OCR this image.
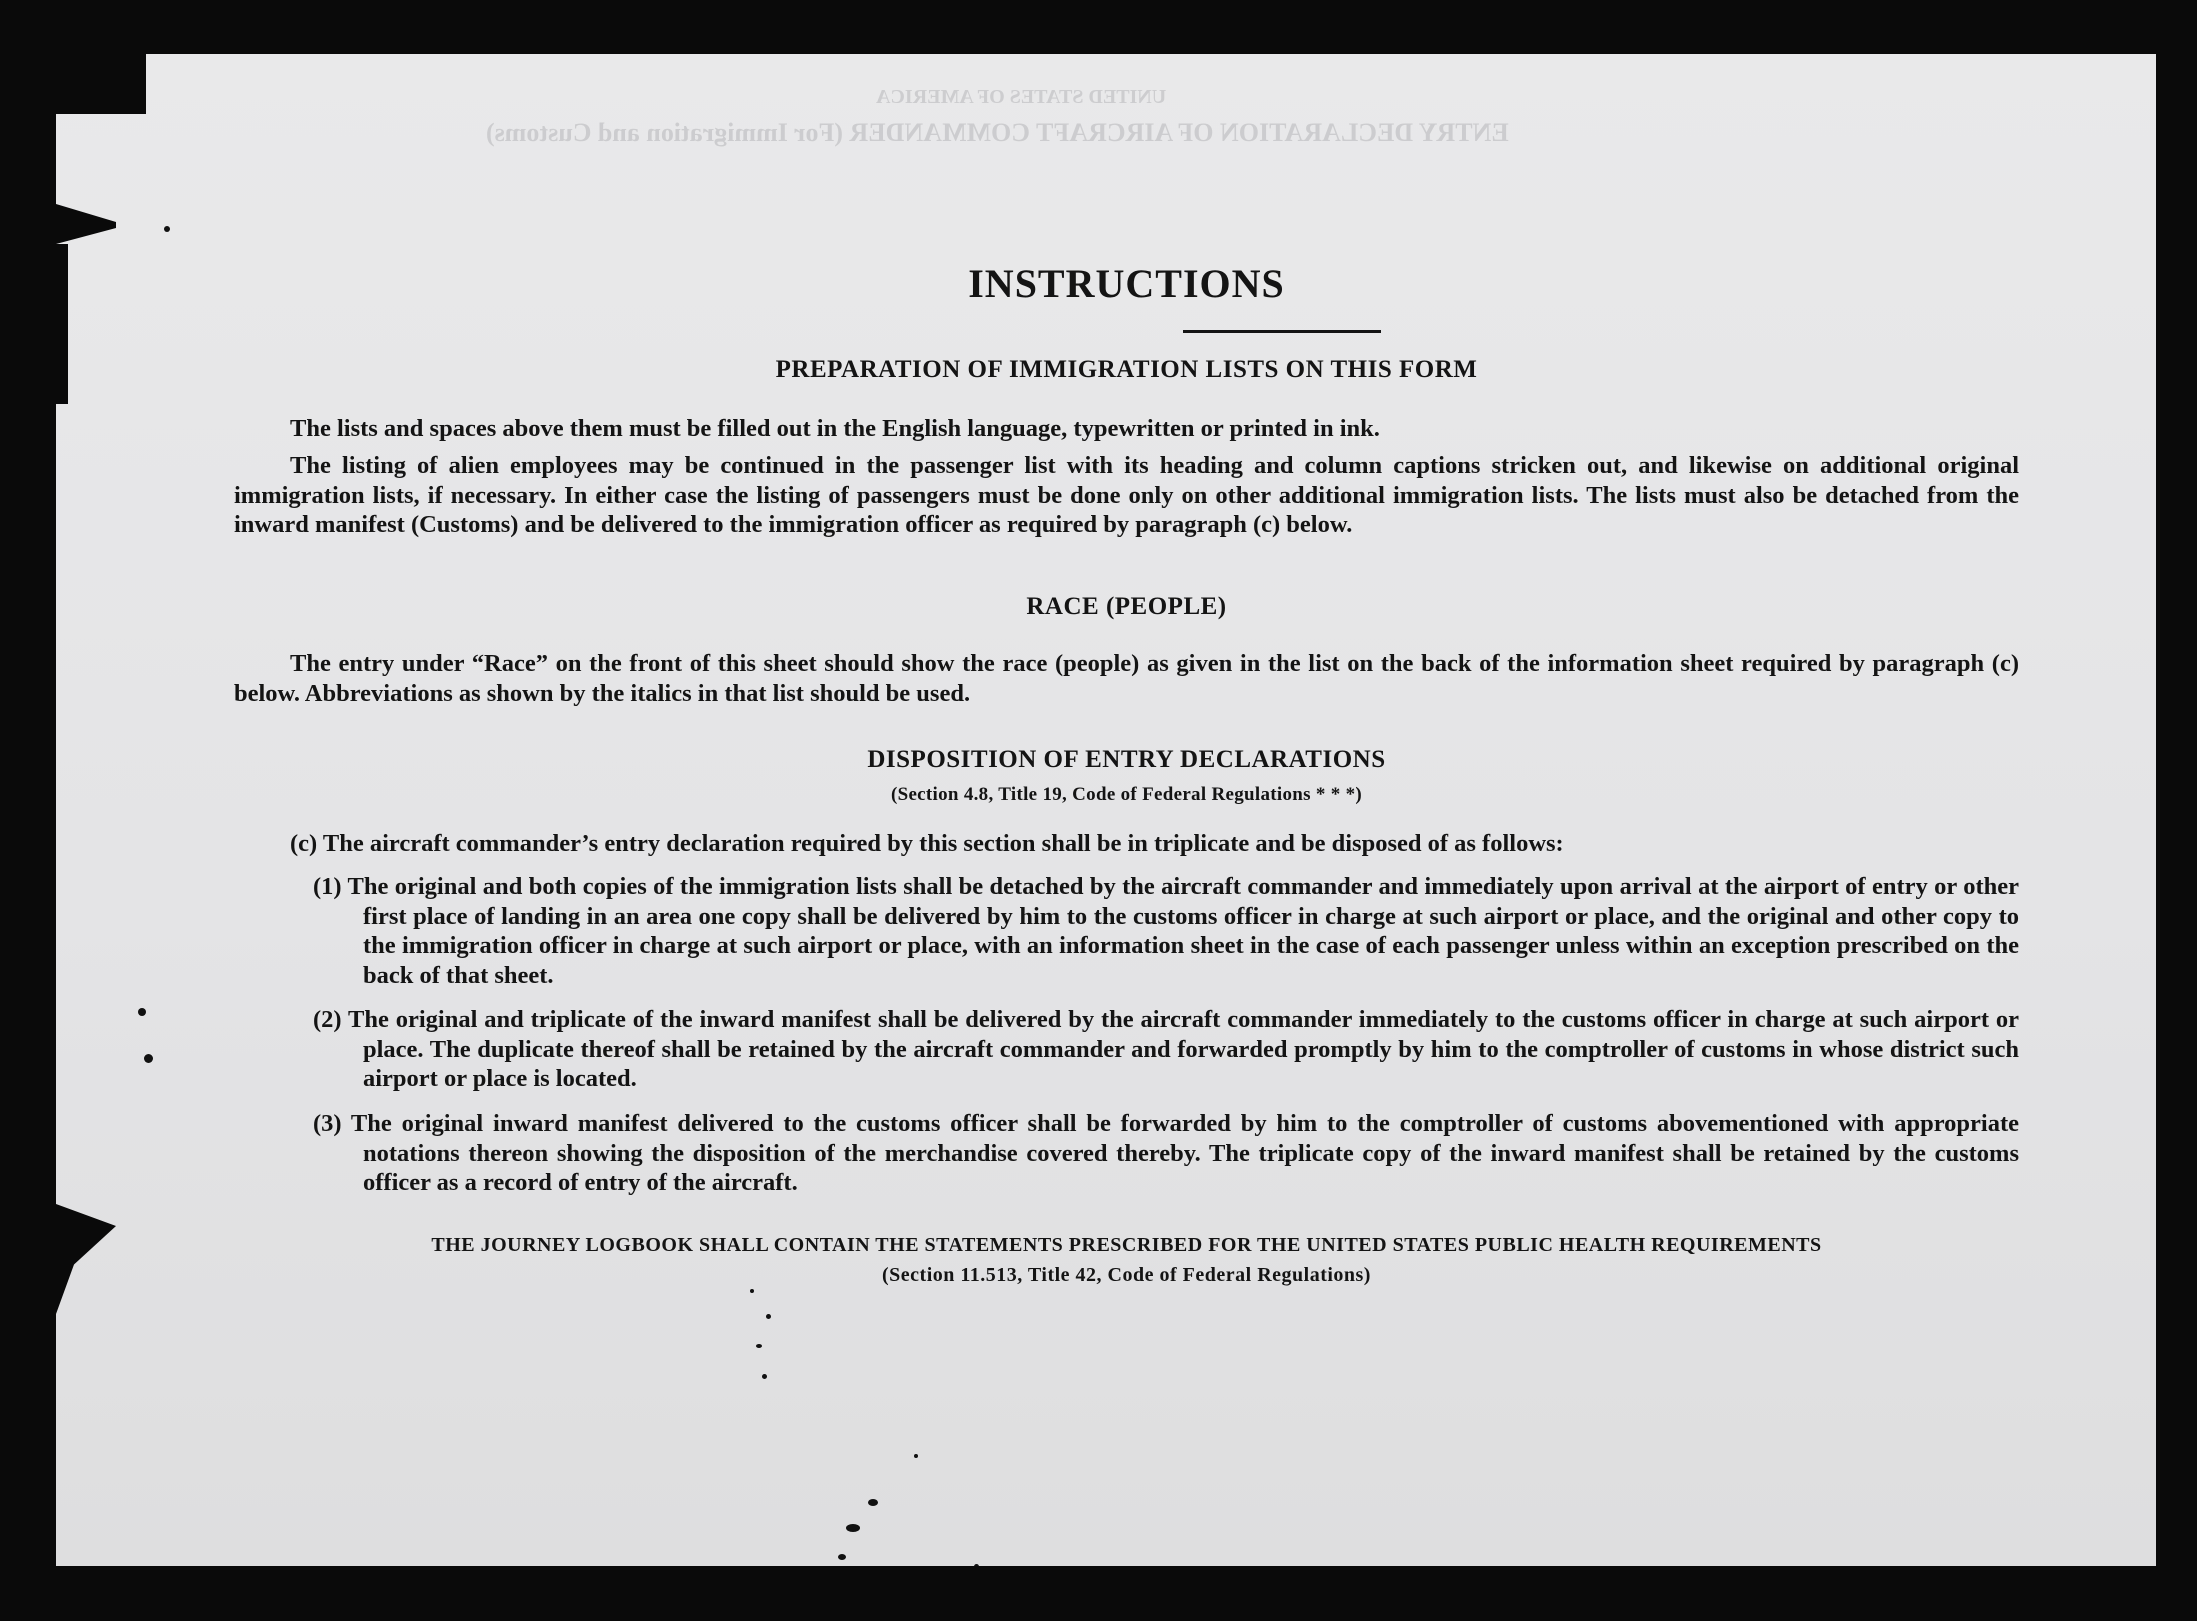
UNITED STATES OF AMERICA
ENTRY DECLARATION OF AIRCRAFT COMMANDER (For Immigration and Customs)
INSTRUCTIONS
PREPARATION OF IMMIGRATION LISTS ON THIS FORM

The lists and spaces above them must be filled out in the English language, typewritten or printed in ink.

The listing of alien employees may be continued in the passenger list with its heading and column captions stricken out, and likewise on additional original immigration lists, if necessary. In either case the listing of passengers must be done only on other additional immigration lists. The lists must also be detached from the inward manifest (Customs) and be delivered to the immigration officer as required by paragraph (c) below.

RACE (PEOPLE)

The entry under “Race” on the front of this sheet should show the race (people) as given in the list on the back of the information sheet required by paragraph (c) below. Abbreviations as shown by the italics in that list should be used.

DISPOSITION OF ENTRY DECLARATIONS
(Section 4.8, Title 19, Code of Federal Regulations * * *)

(c) The aircraft commander’s entry declaration required by this section shall be in triplicate and be disposed of as follows:

(1) The original and both copies of the immigration lists shall be detached by the aircraft commander and immediately upon arrival at the airport of entry or other first place of landing in an area one copy shall be delivered by him to the customs officer in charge at such airport or place, and the original and other copy to the immigration officer in charge at such airport or place, with an information sheet in the case of each passenger unless within an exception prescribed on the back of that sheet.

(2) The original and triplicate of the inward manifest shall be delivered by the aircraft commander immediately to the customs officer in charge at such airport or place. The duplicate thereof shall be retained by the aircraft commander and forwarded promptly by him to the comptroller of customs in whose district such airport or place is located.

(3) The original inward manifest delivered to the customs officer shall be forwarded by him to the comptroller of customs abovementioned with appropriate notations thereon showing the disposition of the merchandise covered thereby. The triplicate copy of the inward manifest shall be retained by the customs officer as a record of entry of the aircraft.

THE JOURNEY LOGBOOK SHALL CONTAIN THE STATEMENTS PRESCRIBED FOR THE UNITED STATES PUBLIC HEALTH REQUIREMENTS
(Section 11.513, Title 42, Code of Federal Regulations)
